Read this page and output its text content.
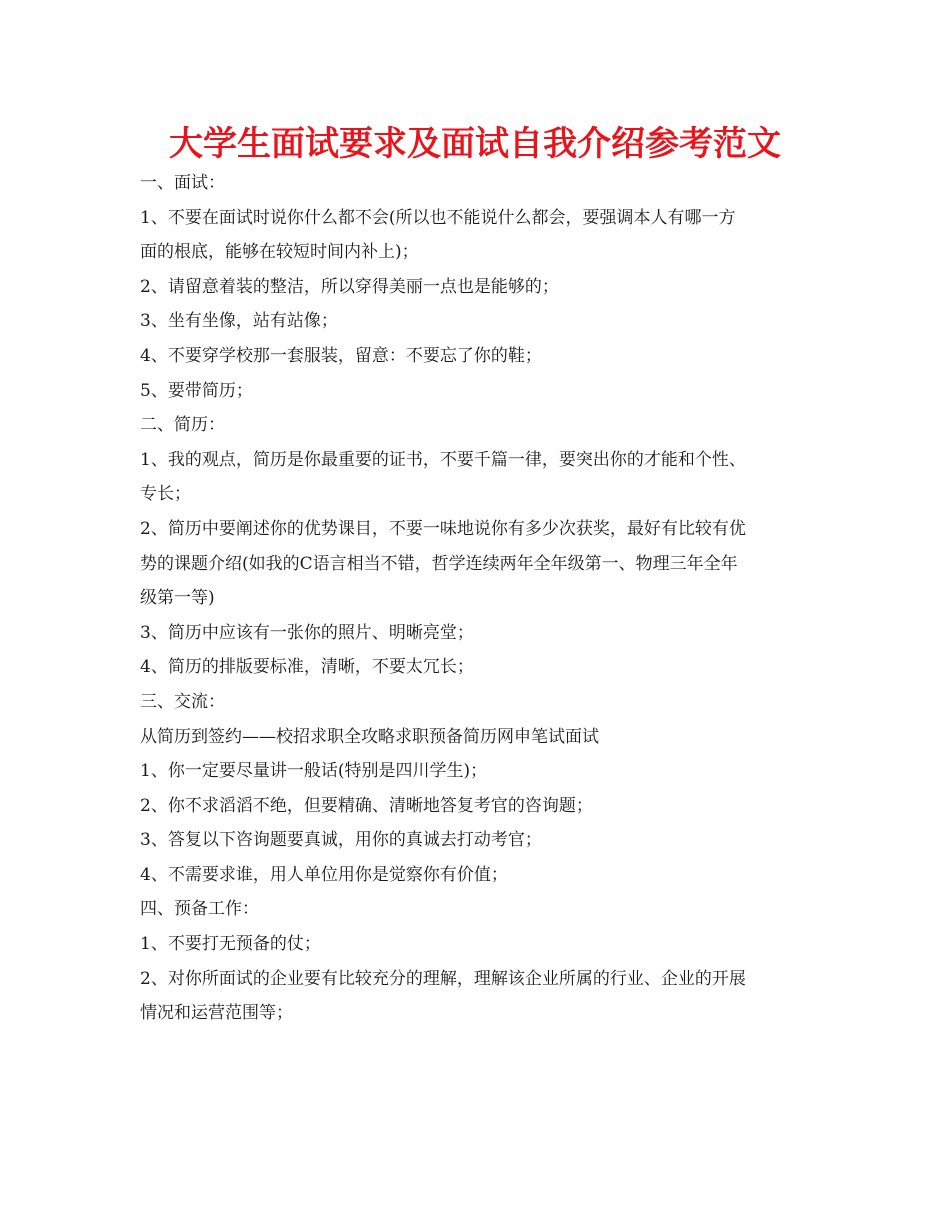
大学生面试要求及面试自我介绍参考范文

一、面试：

1、不要在面试时说你什么都不会(所以也不能说什么都会，要强调本人有哪一方

面的根底，能够在较短时间内补上)；

2、请留意着装的整洁，所以穿得美丽一点也是能够的；

3、坐有坐像，站有站像；

4、不要穿学校那一套服装，留意：不要忘了你的鞋；

5、要带简历；

二、简历：

1、我的观点，简历是你最重要的证书，不要千篇一律，要突出你的才能和个性、

专长；

2、简历中要阐述你的优势课目，不要一味地说你有多少次获奖，最好有比较有优

势的课题介绍(如我的C语言相当不错，哲学连续两年全年级第一、物理三年全年

级第一等)

3、简历中应该有一张你的照片、明晰亮堂；

4、简历的排版要标准，清晰，不要太冗长；

三、交流：

从简历到签约——校招求职全攻略求职预备简历网申笔试面试

1、你一定要尽量讲一般话(特别是四川学生)；

2、你不求滔滔不绝，但要精确、清晰地答复考官的咨询题；

3、答复以下咨询题要真诚，用你的真诚去打动考官；

4、不需要求谁，用人单位用你是觉察你有价值；

四、预备工作：

1、不要打无预备的仗；

2、对你所面试的企业要有比较充分的理解，理解该企业所属的行业、企业的开展

情况和运营范围等；
